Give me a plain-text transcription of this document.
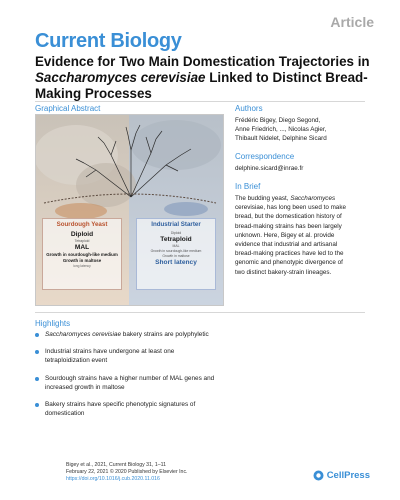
Article
Current Biology
Evidence for Two Main Domestication Trajectories in
Saccharomyces cerevisiae Linked to Distinct Bread-
Making Processes
Graphical Abstract
Sourdough Yeast
Diploid
Tetraploid
MAL
Growth in sourdough-like medium
Growth in maltose
long latency
Industrial Starter
Diploid
Tetraploid
MAL
Growth in sourdough-like medium
Growth in maltose
Short latency
Authors
Frédéric Bigey, Diego Segond,
Anne Friedrich, ..., Nicolas Agier,
Thibault Nidelet, Delphine Sicard
Correspondence
delphine.sicard@inrae.fr
In Brief
The budding yeast, Saccharomyces
cerevisiae, has long been used to make
bread, but the domestication history of
bread-making strains has been largely
unknown. Here, Bigey et al. provide
evidence that industrial and artisanal
bread-making practices have led to the
genomic and phenotypic divergence of
two distinct bakery-strain lineages.
Highlights
Saccharomyces cerevisiae bakery strains are polyphyletic
Industrial strains have undergone at least one
tetraploidization event
Sourdough strains have a higher number of MAL genes and
increased growth in maltose
Bakery strains have specific phenotypic signatures of
domestication
Bigey et al., 2021, Current Biology 31, 1–11
February 22, 2021 © 2020 Published by Elsevier Inc.
https://doi.org/10.1016/j.cub.2020.11.016	CellPress
